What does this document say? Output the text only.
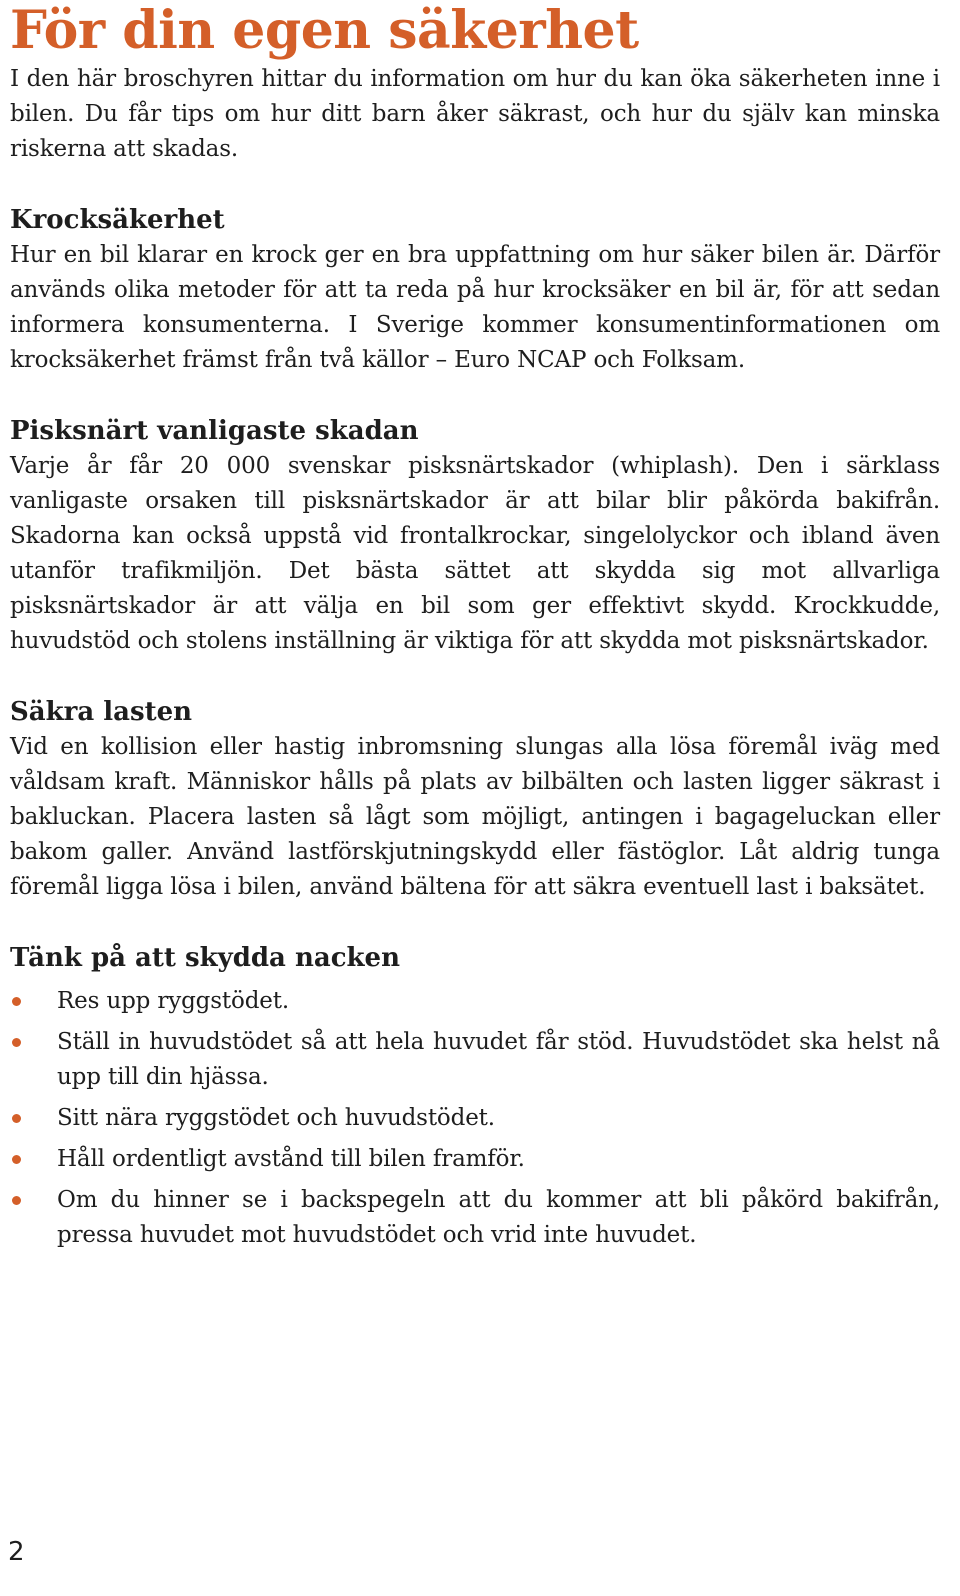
För din egen säkerhet

I den här broschyren hittar du information om hur du kan öka säkerheten inne i bilen. Du får tips om hur ditt barn åker säkrast, och hur du själv kan minska riskerna att skadas.

Krocksäkerhet

Hur en bil klarar en krock ger en bra uppfattning om hur säker bilen är. Därför används olika metoder för att ta reda på hur krocksäker en bil är, för att sedan informera konsumenterna. I Sverige kommer konsumentinformationen om krocksäkerhet främst från två källor – Euro NCAP och Folksam.

Pisksnärt vanligaste skadan

Varje år får 20 000 svenskar pisksnärtskador (whiplash). Den i särklass vanligaste orsaken till pisksnärtskador är att bilar blir påkörda bakifrån. Skadorna kan också uppstå vid frontalkrockar, singelolyckor och ibland även utanför trafikmiljön. Det bästa sättet att skydda sig mot allvarliga pisksnärtskador är att välja en bil som ger effektivt skydd. Krockkudde, huvudstöd och stolens inställning är viktiga för att skydda mot pisksnärtskador.

Säkra lasten

Vid en kollision eller hastig inbromsning slungas alla lösa föremål iväg med våldsam kraft. Människor hålls på plats av bilbälten och lasten ligger säkrast i bakluckan. Placera lasten så lågt som möjligt, antingen i bagageluckan eller bakom galler. Använd lastförskjutningskydd eller fästöglor. Låt aldrig tunga föremål ligga lösa i bilen, använd bältena för att säkra eventuell last i baksätet.

Tänk på att skydda nacken
Res upp ryggstödet.
Ställ in huvudstödet så att hela huvudet får stöd. Huvudstödet ska helst nå upp till din hjässa.
Sitt nära ryggstödet och huvudstödet.
Håll ordentligt avstånd till bilen framför.
Om du hinner se i backspegeln att du kommer att bli påkörd bakifrån, pressa huvudet mot huvudstödet och vrid inte huvudet.
2
